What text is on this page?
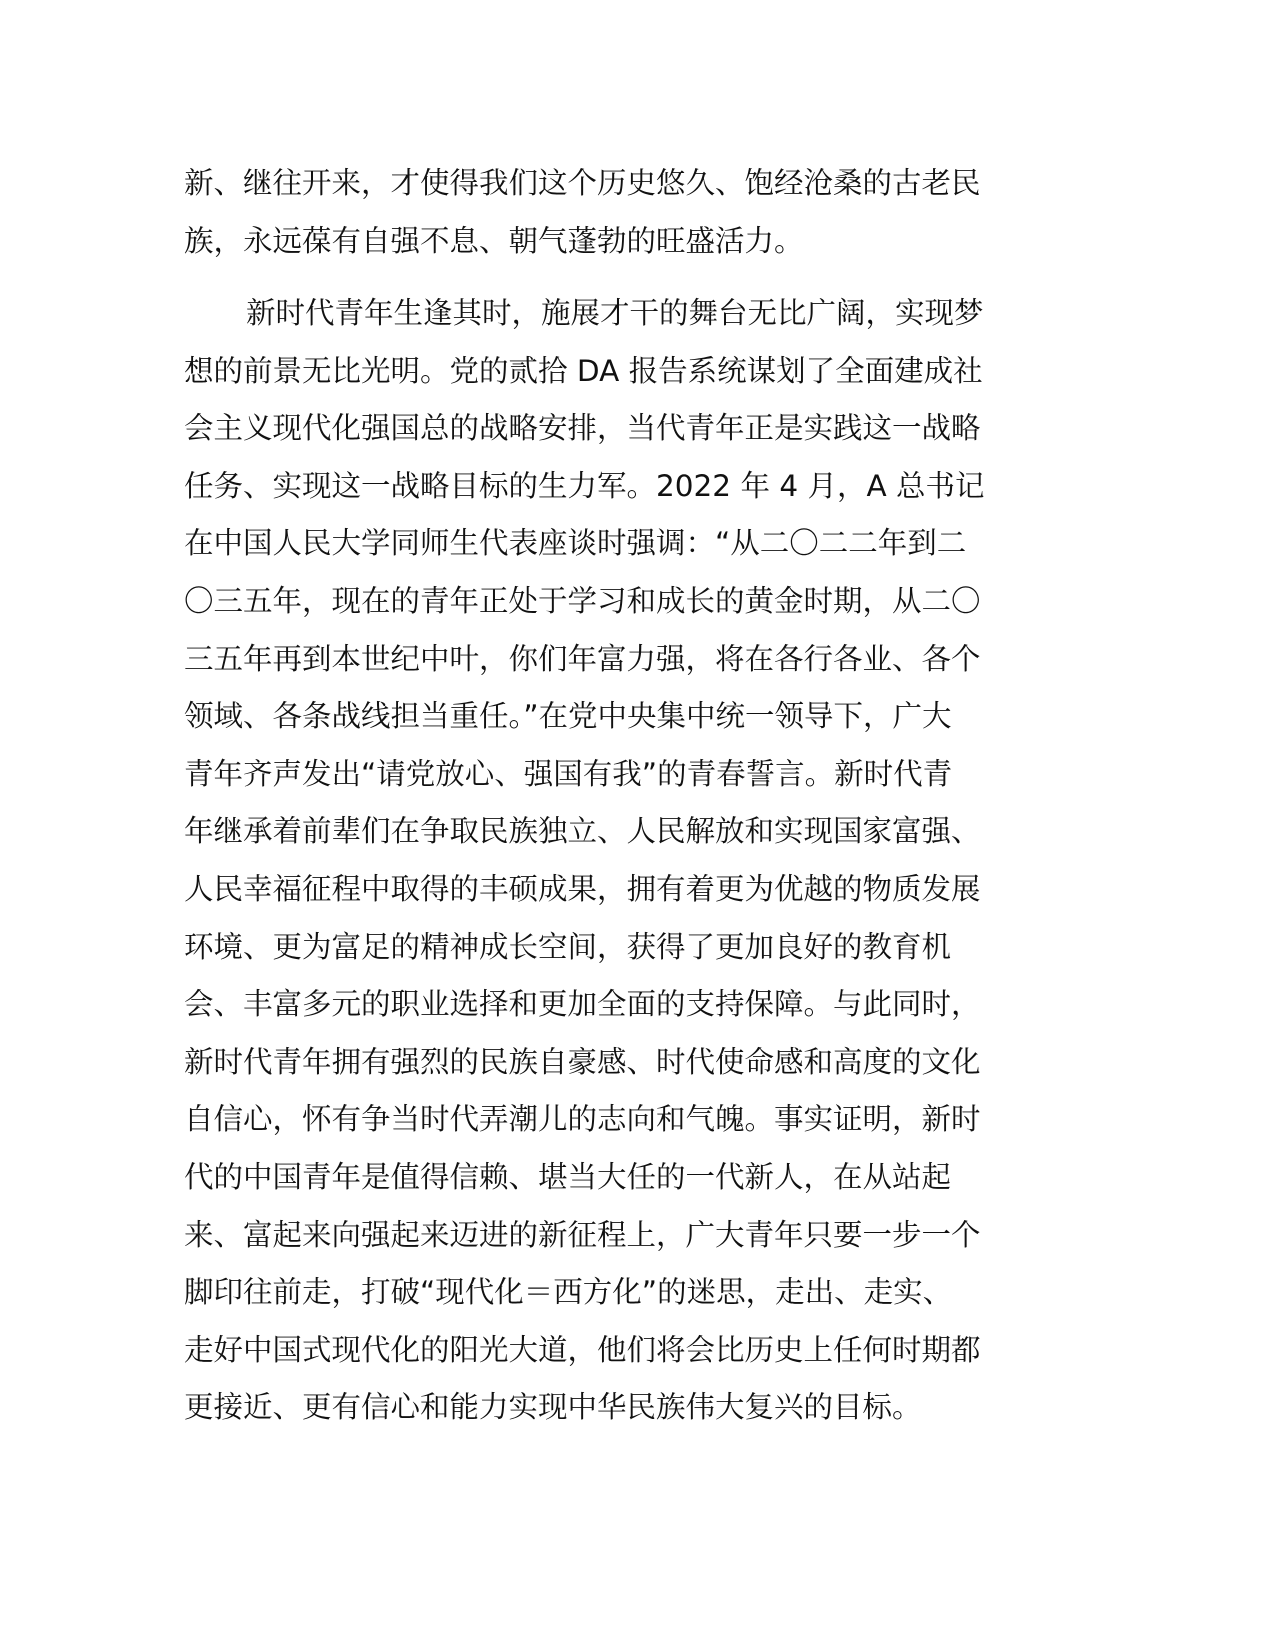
新、继往开来，才使得我们这个历史悠久、饱经沧桑的古老民
族，永远葆有自强不息、朝气蓬勃的旺盛活力。
新时代青年生逢其时，施展才干的舞台无比广阔，实现梦
想的前景无比光明。党的贰拾 DA 报告系统谋划了全面建成社
会主义现代化强国总的战略安排，当代青年正是实践这一战略
任务、实现这一战略目标的生力军。2022 年 4 月，A 总书记
在中国人民大学同师生代表座谈时强调：“从二〇二二年到二
〇三五年，现在的青年正处于学习和成长的黄金时期，从二〇
三五年再到本世纪中叶，你们年富力强，将在各行各业、各个
领域、各条战线担当重任。”在党中央集中统一领导下，广大
青年齐声发出“请党放心、强国有我”的青春誓言。新时代青
年继承着前辈们在争取民族独立、人民解放和实现国家富强、
人民幸福征程中取得的丰硕成果，拥有着更为优越的物质发展
环境、更为富足的精神成长空间，获得了更加良好的教育机
会、丰富多元的职业选择和更加全面的支持保障。与此同时，
新时代青年拥有强烈的民族自豪感、时代使命感和高度的文化
自信心，怀有争当时代弄潮儿的志向和气魄。事实证明，新时
代的中国青年是值得信赖、堪当大任的一代新人，在从站起
来、富起来向强起来迈进的新征程上，广大青年只要一步一个
脚印往前走，打破“现代化＝西方化”的迷思，走出、走实、
走好中国式现代化的阳光大道，他们将会比历史上任何时期都
更接近、更有信心和能力实现中华民族伟大复兴的目标。
